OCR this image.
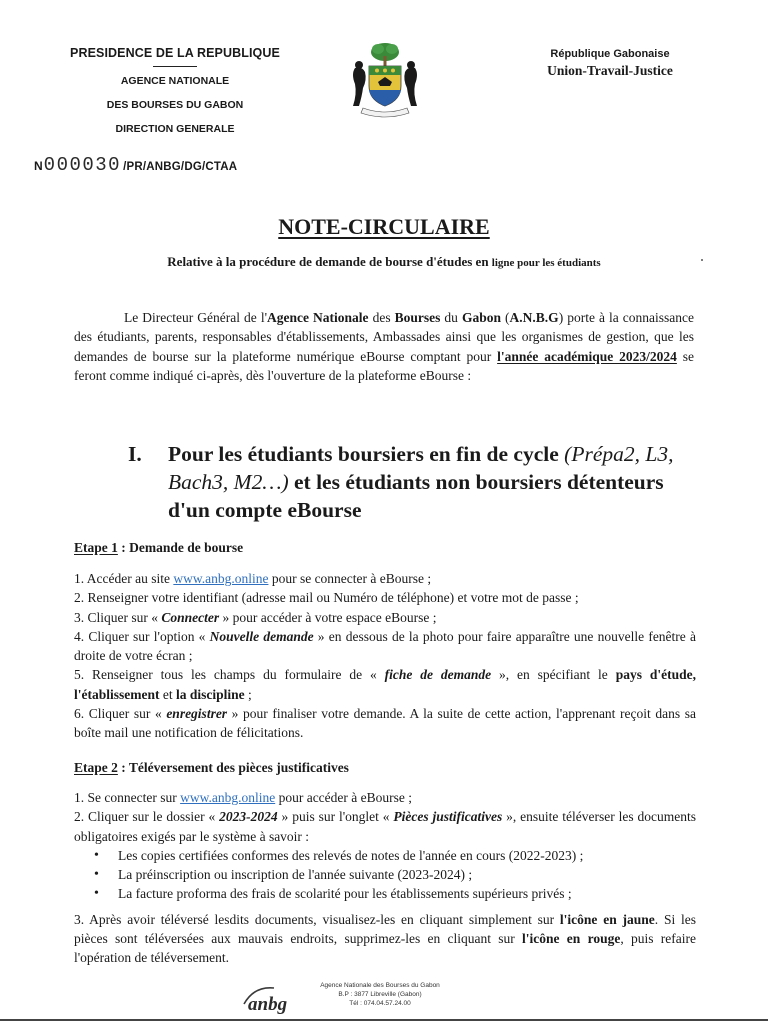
PRESIDENCE DE LA REPUBLIQUE
AGENCE NATIONALE
DES BOURSES DU GABON
DIRECTION GENERALE
N 000030 /PR/ANBG/DG/CTAA
République Gabonaise
Union-Travail-Justice
NOTE-CIRCULAIRE
Relative à la procédure de demande de bourse d'études en ligne pour les étudiants
Le Directeur Général de l'Agence Nationale des Bourses du Gabon (A.N.B.G) porte à la connaissance des étudiants, parents, responsables d'établissements, Ambassades ainsi que les organismes de gestion, que les demandes de bourse sur la plateforme numérique eBourse comptant pour l'année académique 2023/2024 se feront comme indiqué ci-après, dès l'ouverture de la plateforme eBourse :
I. Pour les étudiants boursiers en fin de cycle (Prépa2, L3, Bach3, M2…) et les étudiants non boursiers détenteurs d'un compte eBourse
Etape 1 : Demande de bourse

1. Accéder au site www.anbg.online pour se connecter à eBourse ;

2. Renseigner votre identifiant (adresse mail ou Numéro de téléphone) et votre mot de passe ;

3. Cliquer sur « Connecter » pour accéder à votre espace eBourse ;

4. Cliquer sur l'option « Nouvelle demande » en dessous de la photo pour faire apparaître une nouvelle fenêtre à droite de votre écran ;

5. Renseigner tous les champs du formulaire de « fiche de demande », en spécifiant le pays d'étude, l'établissement et la discipline ;

6. Cliquer sur « enregistrer » pour finaliser votre demande. A la suite de cette action, l'apprenant reçoit dans sa boîte mail une notification de félicitations.

Etape 2 : Téléversement des pièces justificatives

1. Se connecter sur www.anbg.online pour accéder à eBourse ;

2. Cliquer sur le dossier « 2023-2024 » puis sur l'onglet « Pièces justificatives », ensuite téléverser les documents obligatoires exigés par le système à savoir :

• Les copies certifiées conformes des relevés de notes de l'année en cours (2022-2023) ;
• La préinscription ou inscription de l'année suivante (2023-2024) ;
• La facture proforma des frais de scolarité pour les établissements supérieurs privés ;

3. Après avoir téléversé lesdits documents, visualisez-les en cliquant simplement sur l'icône en jaune. Si les pièces sont téléversées aux mauvais endroits, supprimez-les en cliquant sur l'icône en rouge, puis refaire l'opération de téléversement.

anbg
Agence Nationale des Bourses du Gabon
B.P : 3877 Libreville (Gabon)
Tél : 074.04.57.24.00
